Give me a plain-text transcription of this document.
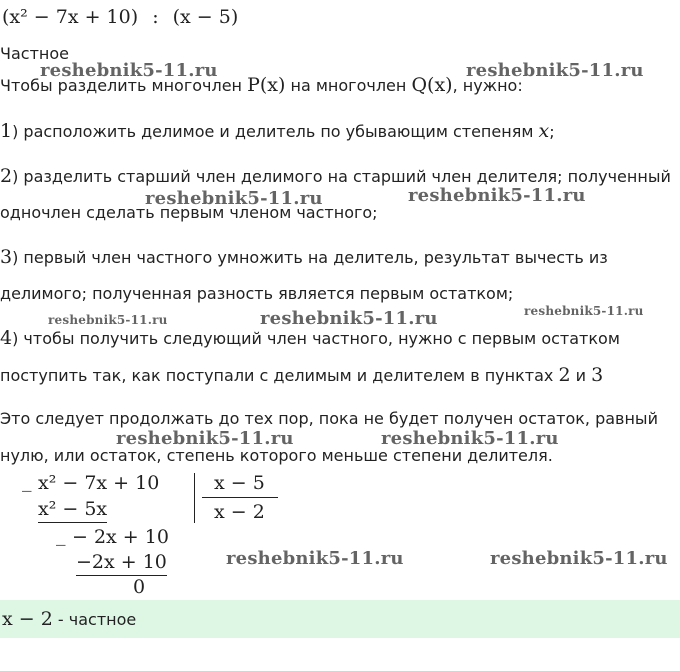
(x² − 7x + 10) : (x − 5)
Частное
Чтобы разделить многочлен P(x) на многочлен Q(x), нужно:
1) расположить делимое и делитель по убывающим степеням x;
2) разделить старший член делимого на старший член делителя; полученный
одночлен сделать первым членом частного;
3) первый член частного умножить на делитель, результат вычесть из
делимого; полученная разность является первым остатком;
4) чтобы получить следующий член частного, нужно с первым остатком
поступить так, как поступали с делимым и делителем в пунктах 2 и 3
Это следует продолжать до тех пор, пока не будет получен остаток, равный
нулю, или остаток, степень которого меньше степени делителя.
_ x² − 7x + 10
x² − 5x
_ − 2x + 10
−2x + 10
0
x − 5
x − 2
x − 2 - частное
reshebnik5-11.ru	reshebnik5-11.ru
reshebnik5-11.ru	reshebnik5-11.ru
reshebnik5-11.ru	reshebnik5-11.ru	reshebnik5-11.ru
reshebnik5-11.ru	reshebnik5-11.ru
reshebnik5-11.ru	reshebnik5-11.ru
